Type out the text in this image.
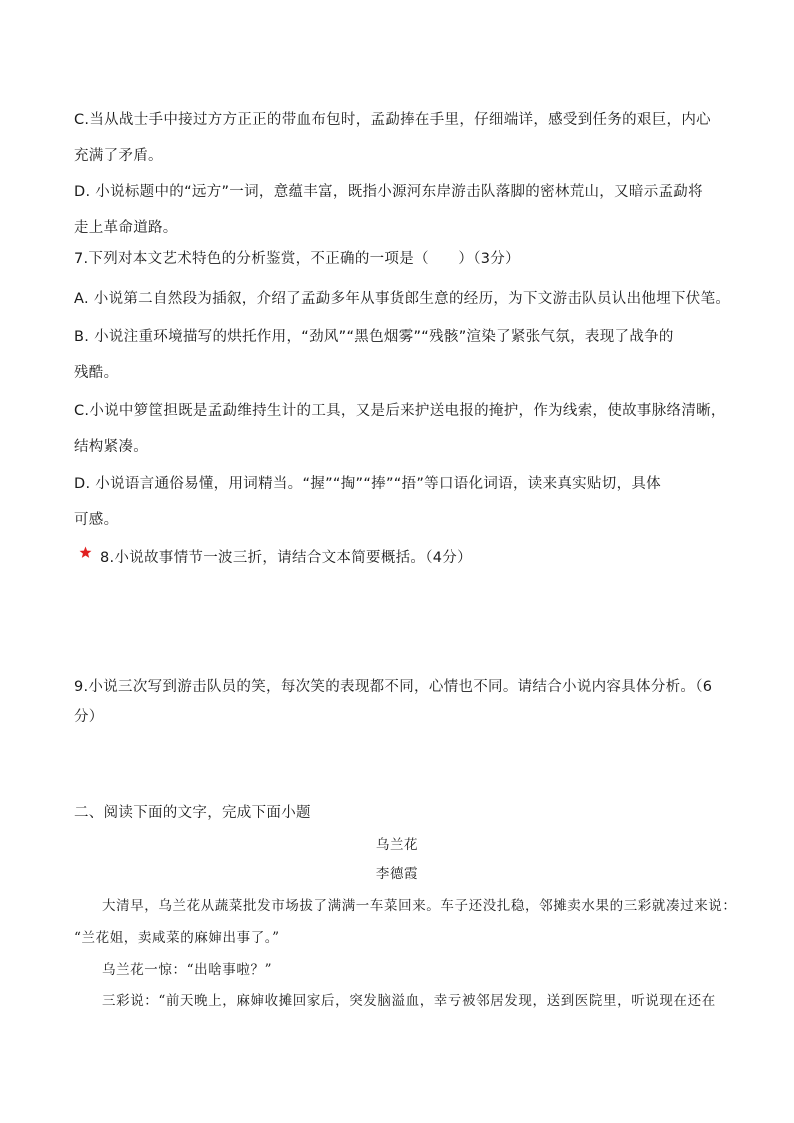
C.当从战士手中接过方方正正的带血布包时，孟勐捧在手里，仔细端详，感受到任务的艰巨，内心
充满了矛盾。
D. 小说标题中的“远方”一词，意蕴丰富，既指小源河东岸游击队落脚的密林荒山，又暗示孟勐将
走上革命道路。
7.下列对本文艺术特色的分析鉴赏，不正确的一项是（　　）（3分）
A. 小说第二自然段为插叙，介绍了孟勐多年从事货郎生意的经历，为下文游击队员认出他埋下伏笔。
B. 小说注重环境描写的烘托作用，“劲风”“黑色烟雾”“残骸”渲染了紧张气氛，表现了战争的
残酷。
C.小说中箩筐担既是孟勐维持生计的工具，又是后来护送电报的掩护，作为线索，使故事脉络清晰，
结构紧凑。
D. 小说语言通俗易懂，用词精当。“握”“掏”“捧”“捂”等口语化词语，读来真实贴切，具体
可感。
8.小说故事情节一波三折，请结合文本简要概括。（4分）
9.小说三次写到游击队员的笑，每次笑的表现都不同，心情也不同。请结合小说内容具体分析。（6
分）
二、阅读下面的文字，完成下面小题
乌兰花
李德霞
大清早，乌兰花从蔬菜批发市场拔了满满一车菜回来。车子还没扎稳，邻摊卖水果的三彩就凑过来说：
“兰花姐，卖咸菜的麻婶出事了。”
乌兰花一惊：“出啥事啦？”
三彩说：“前天晚上，麻婶收摊回家后，突发脑溢血，幸亏被邻居发现，送到医院里，听说现在还在
